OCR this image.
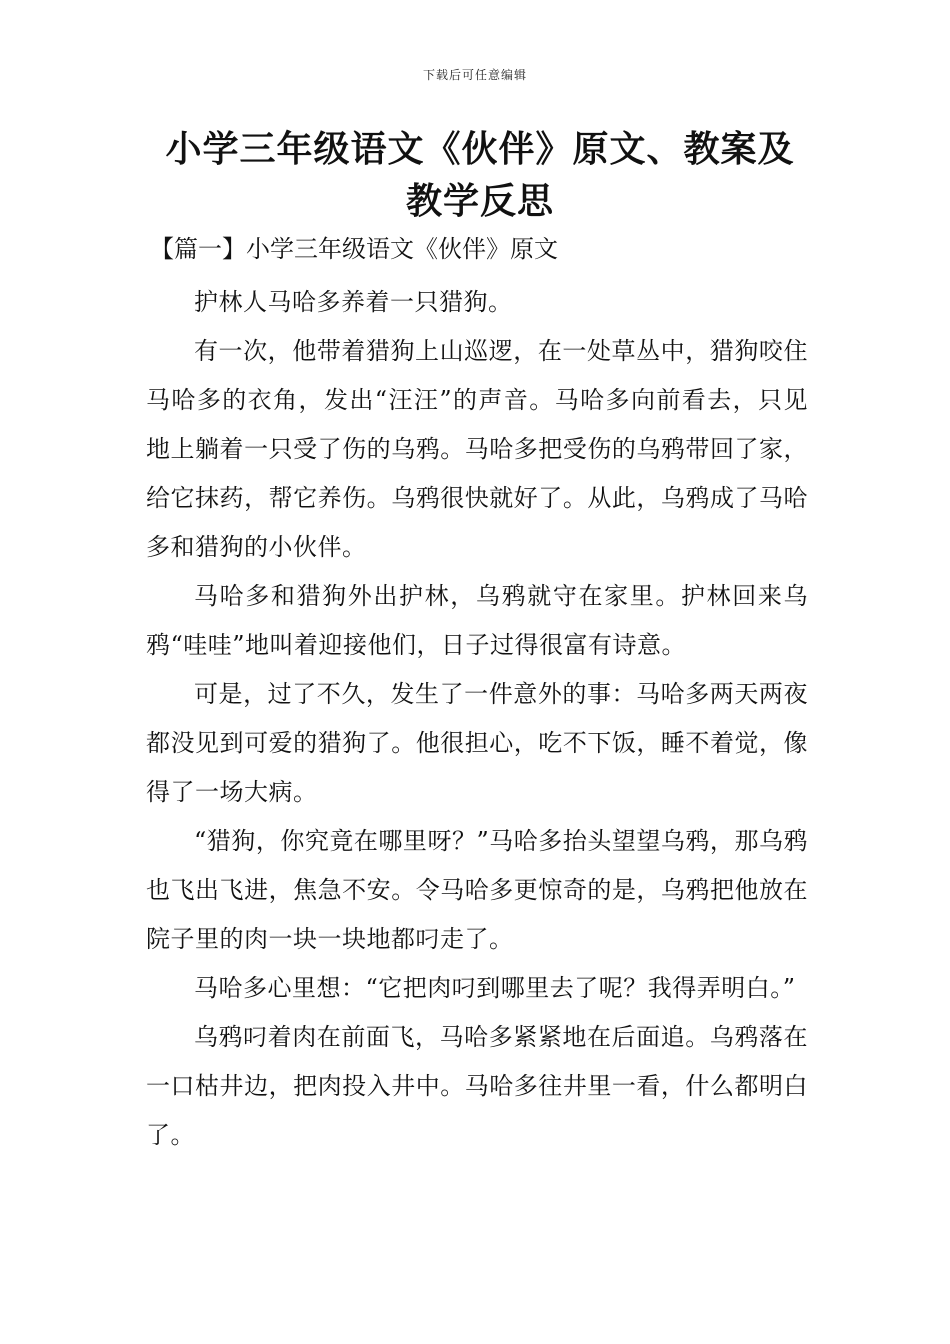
下载后可任意编辑
小学三年级语文《伙伴》原文、教案及教学反思
【篇一】小学三年级语文《伙伴》原文

护林人马哈多养着一只猎狗。

有一次，他带着猎狗上山巡逻，在一处草丛中，猎狗咬住马哈多的衣角，发出“汪汪”的声音。马哈多向前看去，只见地上躺着一只受了伤的乌鸦。马哈多把受伤的乌鸦带回了家，给它抹药，帮它养伤。乌鸦很快就好了。从此，乌鸦成了马哈多和猎狗的小伙伴。

马哈多和猎狗外出护林，乌鸦就守在家里。护林回来乌鸦“哇哇”地叫着迎接他们，日子过得很富有诗意。

可是，过了不久，发生了一件意外的事：马哈多两天两夜都没见到可爱的猎狗了。他很担心，吃不下饭，睡不着觉，像得了一场大病。

“猎狗，你究竟在哪里呀？”马哈多抬头望望乌鸦，那乌鸦也飞出飞进，焦急不安。令马哈多更惊奇的是，乌鸦把他放在院子里的肉一块一块地都叼走了。

马哈多心里想：“它把肉叼到哪里去了呢？我得弄明白。”

乌鸦叼着肉在前面飞，马哈多紧紧地在后面追。乌鸦落在一口枯井边，把肉投入井中。马哈多往井里一看，什么都明白了。
